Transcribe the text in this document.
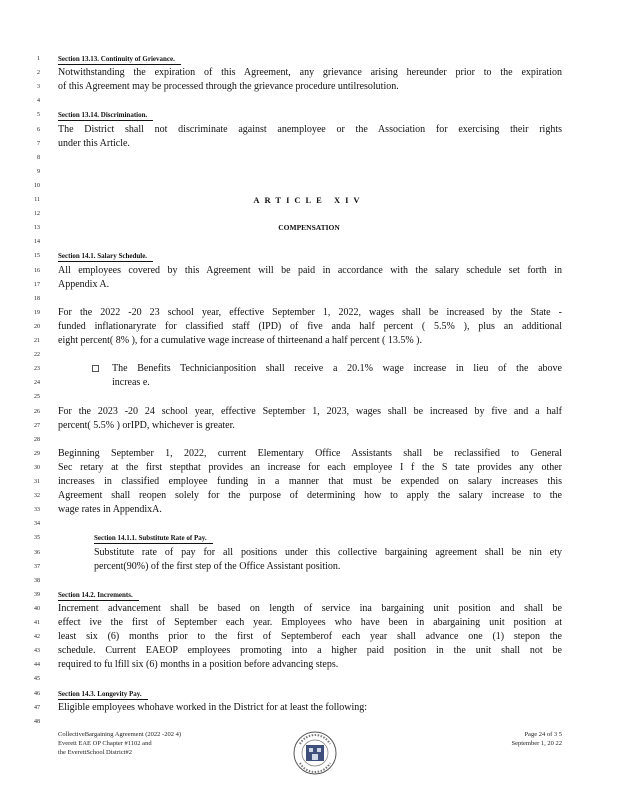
1	Section 13.13. Continuity of Grievance.
2 Notwithstanding the expiration of this Agreement, any grievance arising hereunder prior to the expiration
3 of this Agreement may be processed through the grievance procedure untilresolution.
4
5	Section 13.14. Discrimination.
6 The District shall not discriminate against anemployee or the Association for exercising their rights
7 under this Article.
8
9
10
11	ARTICLE XIV
12
13	COMPENSATION
14
15	Section 14.1. Salary Schedule.
16 All employees covered by this Agreement will be paid in accordance with the salary schedule set forth in
17 Appendix A.
18
19 For the 2022 -20 23 school year, effective September 1, 2022, wages shall be increased by the State -
20 funded inflationaryrate for classified staff (IPD) of five anda half percent ( 5.5% ), plus an additional
21 eight percent( 8% ), for a cumulative wage increase of thirteenand a half percent ( 13.5% ).
22
23	The Benefits Technicianposition shall receive a 20.1% wage increase in lieu of the above
24	increas e.
25
26 For the 2023 -20 24 school year, effective September 1, 2023, wages shall be increased by five and a half
27 percent( 5.5% ) orIPD, whichever is greater.
28
29 Beginning September 1, 2022, current Elementary Office Assistants shall be reclassified to General
30 Sec retary at the first stepthat provides an increase for each employee I f the S tate provides any other
31 increases in classified employee funding in a manner that must be expended on salary increases this
32 Agreement shall reopen solely for the purpose of determining how to apply the salary increase to the
33 wage rates in AppendixA.
34
35	Section 14.1.1. Substitute Rate of Pay.
36	Substitute rate of pay for all positions under this collective bargaining agreement shall be nin ety
37	percent(90%) of the first step of the Office Assistant position.
38
39	Section 14.2. Increments.
40 Increment advancement shall be based on length of service ina bargaining unit position and shall be
41 effect ive the first of September each year. Employees who have been in abargaining unit position at
42 least six (6) months prior to the first of Septemberof each year shall advance one (1) stepon the
43 schedule. Current EAEOP employees promoting into a higher paid position in the unit shall not be
44 required to fu lfill six (6) months in a position before advancing steps.
45
46	Section 14.3. Longevity Pay.
47 Eligible employees whohave worked in the District for at least the following:
48
CollectiveBargaining Agreement (2022 -202 4)
Everett EAE OP Chapter #1102 and
the EverettSchool District#2
Page 24 of 3 5
September 1, 20 22
